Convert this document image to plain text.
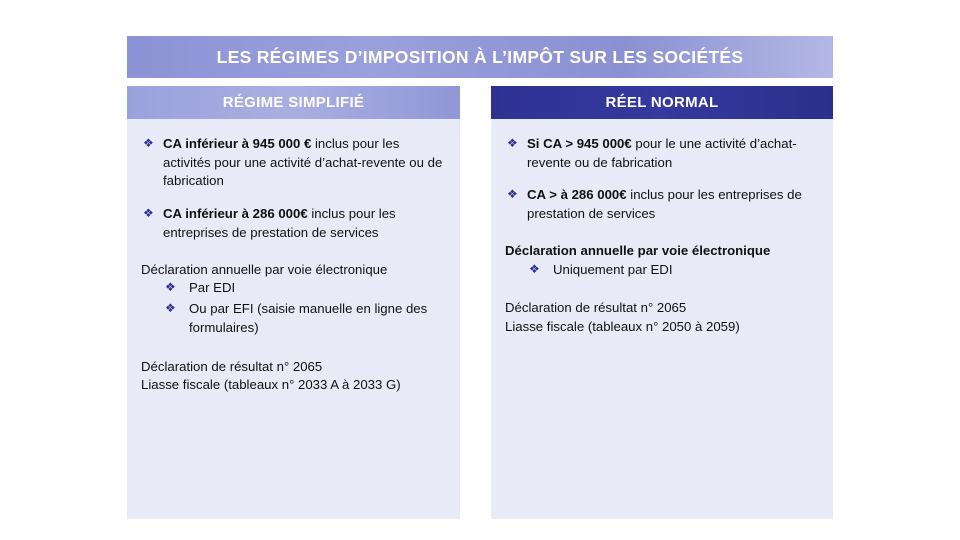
LES RÉGIMES D’IMPOSITION À L’IMPÔT SUR LES SOCIÉTÉS
RÉGIME SIMPLIFIÉ
❖ CA inférieur à 945 000 € inclus pour les activités pour une activité d’achat-revente ou de fabrication
❖ CA inférieur à 286 000€ inclus pour les entreprises de prestation de services

Déclaration annuelle par voie électronique

❖	Par EDI
❖	Ou par EFI (saisie manuelle en ligne des formulaires)

Déclaration de résultat n° 2065

Liasse fiscale (tableaux n° 2033 A à 2033 G)

RÉEL NORMAL
❖ Si CA > 945 000€ pour le une activité d’achat-revente ou de fabrication
❖ CA > à 286 000€ inclus pour les entreprises de prestation de services

Déclaration annuelle par voie électronique

❖	Uniquement par EDI

Déclaration de résultat n° 2065

Liasse fiscale (tableaux n° 2050 à 2059)
